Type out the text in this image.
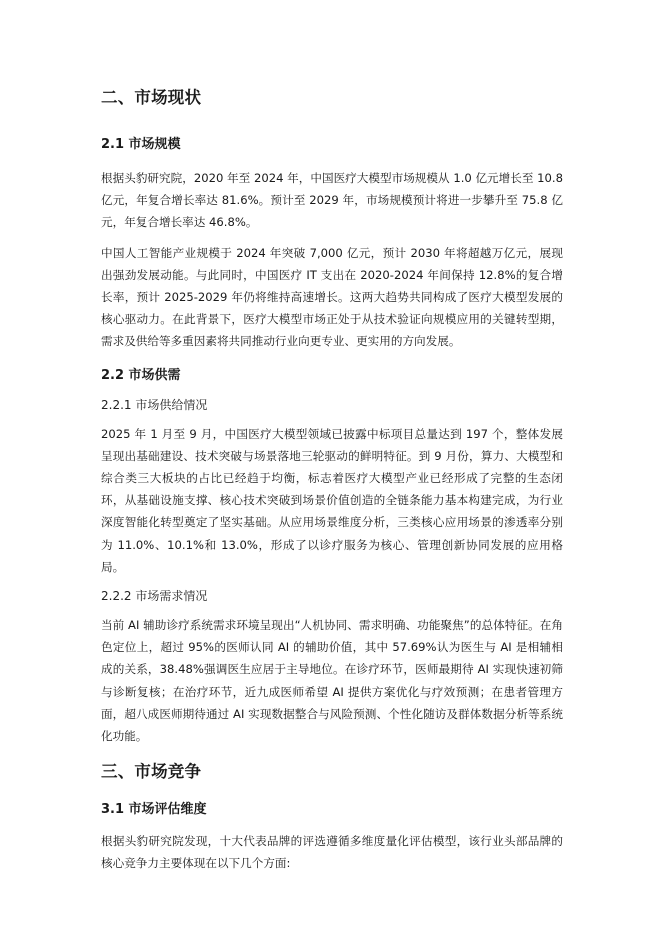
二、市场现状
2.1 市场规模

根据头豹研究院，2020 年至 2024 年，中国医疗大模型市场规模从 1.0 亿元增长至 10.8 亿元，年复合增长率达 81.6%。预计至 2029 年，市场规模预计将进一步攀升至 75.8 亿元，年复合增长率达 46.8%。

中国人工智能产业规模于 2024 年突破 7,000 亿元，预计 2030 年将超越万亿元，展现出强劲发展动能。与此同时，中国医疗 IT 支出在 2020-2024 年间保持 12.8%的复合增长率，预计 2025-2029 年仍将维持高速增长。这两大趋势共同构成了医疗大模型发展的核心驱动力。在此背景下，医疗大模型市场正处于从技术验证向规模应用的关键转型期，需求及供给等多重因素将共同推动行业向更专业、更实用的方向发展。

2.2 市场供需
2.2.1 市场供给情况

2025 年 1 月至 9 月，中国医疗大模型领域已披露中标项目总量达到 197 个，整体发展呈现出基础建设、技术突破与场景落地三轮驱动的鲜明特征。到 9 月份，算力、大模型和综合类三大板块的占比已经趋于均衡，标志着医疗大模型产业已经形成了完整的生态闭环，从基础设施支撑、核心技术突破到场景价值创造的全链条能力基本构建完成，为行业深度智能化转型奠定了坚实基础。从应用场景维度分析，三类核心应用场景的渗透率分别为 11.0%、10.1%和 13.0%，形成了以诊疗服务为核心、管理创新协同发展的应用格局。

2.2.2 市场需求情况

当前 AI 辅助诊疗系统需求环境呈现出“人机协同、需求明确、功能聚焦”的总体特征。在角色定位上，超过 95%的医师认同 AI 的辅助价值，其中 57.69%认为医生与 AI 是相辅相成的关系，38.48%强调医生应居于主导地位。在诊疗环节，医师最期待 AI 实现快速初筛与诊断复核；在治疗环节，近九成医师希望 AI 提供方案优化与疗效预测；在患者管理方面，超八成医师期待通过 AI 实现数据整合与风险预测、个性化随访及群体数据分析等系统化功能。

三、市场竞争
3.1 市场评估维度

根据头豹研究院发现，十大代表品牌的评选遵循多维度量化评估模型，该行业头部品牌的核心竞争力主要体现在以下几个方面:
